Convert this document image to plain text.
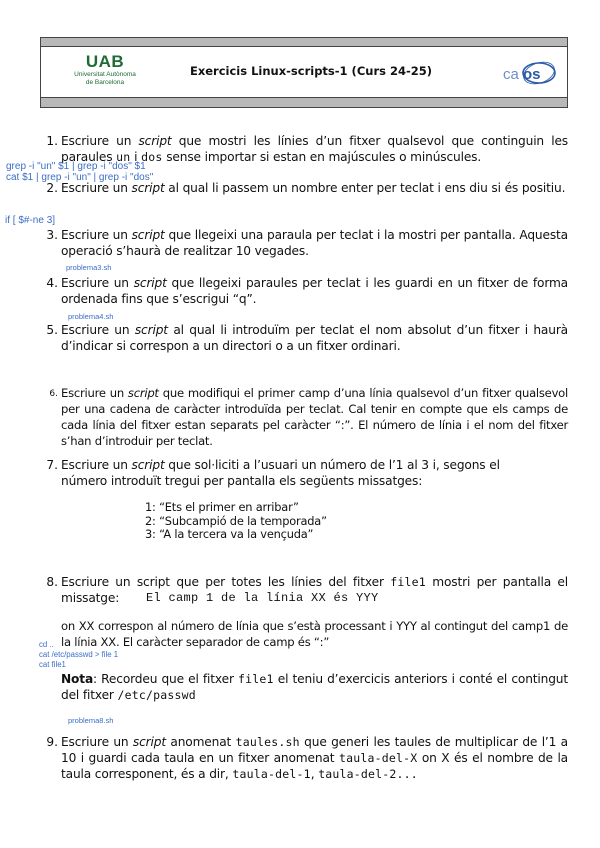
UAB
Universitat Autònoma
de Barcelona
Exercicis Linux-scripts-1 (Curs 24-25)	ca os
1. Escriure un script que mostri les línies d’un fitxer qualsevol que continguin les paraules un i dos sense importar si estan en majúscules o minúscules.
grep -i "un" $1 | grep -i "dos" $1
cat $1 | grep -i "un" | grep -i "dos"
2. Escriure un script al qual li passem un nombre enter per teclat i ens diu si és positiu.
if [ $#-ne 3]
3. Escriure un script que llegeixi una paraula per teclat i la mostri per pantalla. Aquesta operació s’haurà de realitzar 10 vegades.
problema3.sh
4. Escriure un script que llegeixi paraules per teclat i les guardi en un fitxer de forma ordenada fins que s’escrigui “q”.
problema4.sh
5. Escriure un script al qual li introduïm per teclat el nom absolut d’un fitxer i haurà d’indicar si correspon a un directori o a un fitxer ordinari.
6. Escriure un script que modifiqui el primer camp d’una línia qualsevol d’un fitxer qualsevol per una cadena de caràcter introduïda per teclat. Cal tenir en compte que els camps de cada línia del fitxer estan separats pel caràcter “:”. El número de línia i el nom del fitxer s’han d’introduir per teclat.
7. Escriure un script que sol·liciti a l’usuari un número de l’1 al 3 i, segons el número introduït tregui per pantalla els següents missatges:
1: “Ets el primer en arribar”
2: “Subcampió de la temporada”
3: “A la tercera va la vençuda”
8. Escriure un script que per totes les línies del fitxer file1 mostri per pantalla el missatge:	El camp 1 de la línia XX és YYY
on XX correspon al número de línia que s’està processant i YYY al contingut del camp1 de la línia XX. El caràcter separador de camp és “:”
cd ..
cat /etc/passwd > file 1
cat file1
Nota: Recordeu que el fitxer file1 el teniu d’exercicis anteriors i conté el contingut del fitxer /etc/passwd
problema8.sh
9. Escriure un script anomenat taules.sh que generi les taules de multiplicar de l’1 a 10 i guardi cada taula en un fitxer anomenat taula-del-X on X és el nombre de la taula corresponent, és a dir, taula-del-1, taula-del-2...
